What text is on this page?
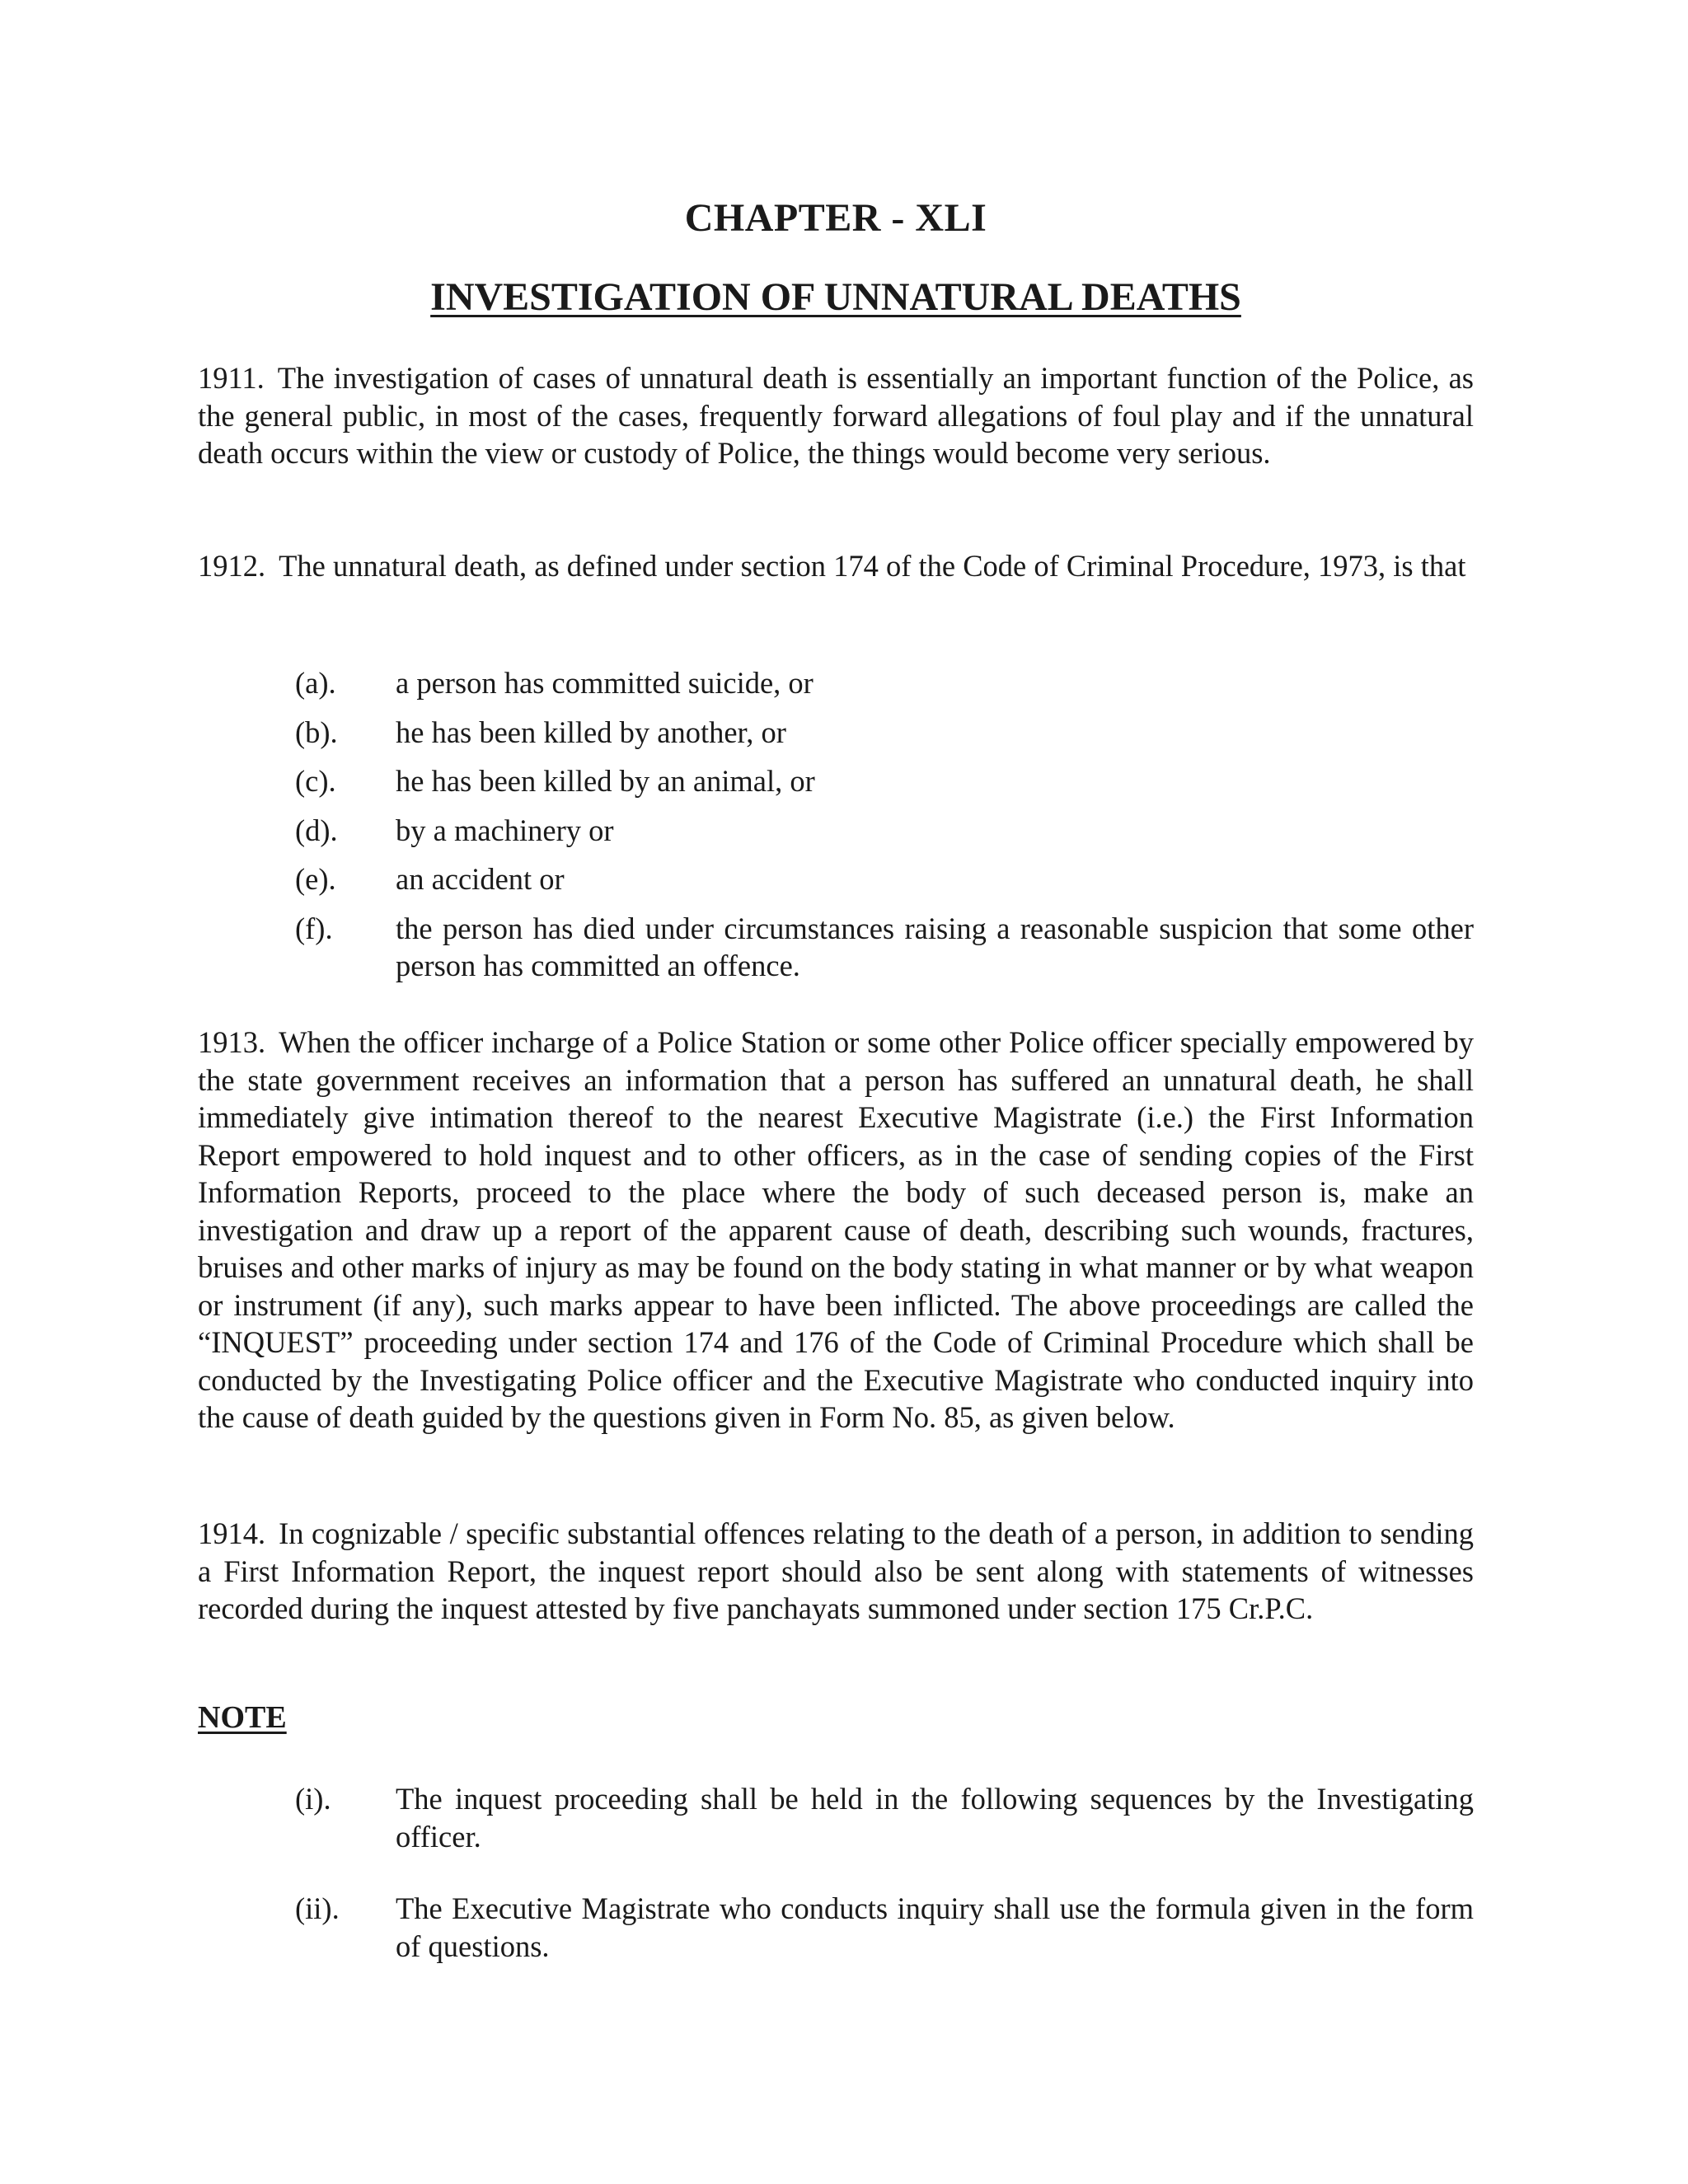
CHAPTER - XLI
INVESTIGATION OF UNNATURAL DEATHS

1911. The investigation of cases of unnatural death is essentially an important function of the Police, as the general public, in most of the cases, frequently forward allegations of foul play and if the unnatural death occurs within the view or custody of Police, the things would become very serious.

1912. The unnatural death, as defined under section 174 of the Code of Criminal Procedure, 1973, is that

(a).	a person has committed suicide, or
(b).	he has been killed by another, or
(c).	he has been killed by an animal, or
(d).	by a machinery or
(e).	an accident or
(f).	the person has died under circumstances raising a reasonable suspicion that some other person has committed an offence.

1913. When the officer incharge of a Police Station or some other Police officer specially empowered by the state government receives an information that a person has suffered an unnatural death, he shall immediately give intimation thereof to the nearest Executive Magistrate (i.e.) the First Information Report empowered to hold inquest and to other officers, as in the case of sending copies of the First Information Reports, proceed to the place where the body of such deceased person is, make an investigation and draw up a report of the apparent cause of death, describing such wounds, fractures, bruises and other marks of injury as may be found on the body stating in what manner or by what weapon or instrument (if any), such marks appear to have been inflicted. The above proceedings are called the “INQUEST” proceeding under section 174 and 176 of the Code of Criminal Procedure which shall be conducted by the Investigating Police officer and the Executive Magistrate who conducted inquiry into the cause of death guided by the questions given in Form No. 85, as given below.

1914. In cognizable / specific substantial offences relating to the death of a person, in addition to sending a First Information Report, the inquest report should also be sent along with statements of witnesses recorded during the inquest attested by five panchayats summoned under section 175 Cr.P.C.

NOTE
(i).	The inquest proceeding shall be held in the following sequences by the Investigating officer.
(ii).	The Executive Magistrate who conducts inquiry shall use the formula given in the form of questions.
